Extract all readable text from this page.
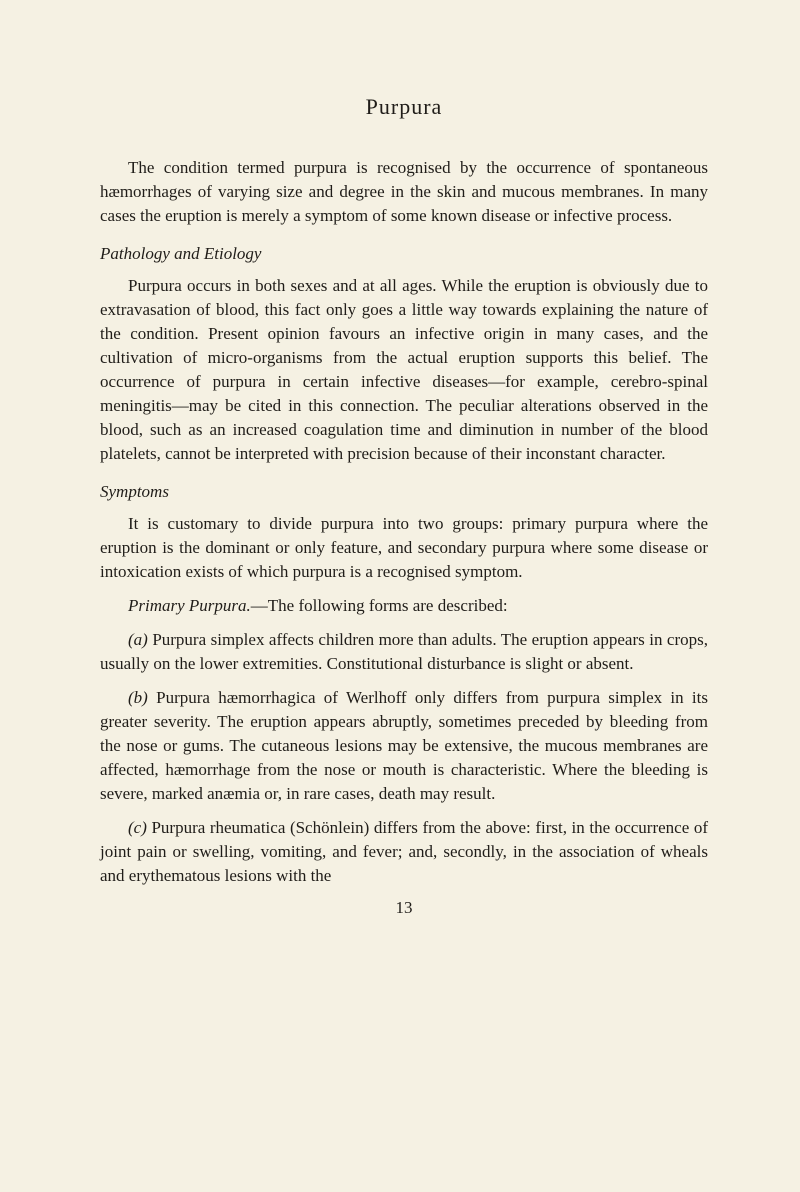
Purpura

The condition termed purpura is recognised by the occurrence of spontaneous hæmorrhages of varying size and degree in the skin and mucous membranes. In many cases the eruption is merely a symptom of some known disease or infective process.

Pathology and Etiology

Purpura occurs in both sexes and at all ages. While the eruption is obviously due to extravasation of blood, this fact only goes a little way towards explaining the nature of the condition. Present opinion favours an infective origin in many cases, and the cultivation of micro-organisms from the actual eruption supports this belief. The occurrence of purpura in certain infective diseases—for example, cerebro-spinal meningitis—may be cited in this connection. The peculiar alterations observed in the blood, such as an increased coagulation time and diminution in number of the blood platelets, cannot be interpreted with precision because of their inconstant character.

Symptoms

It is customary to divide purpura into two groups: primary purpura where the eruption is the dominant or only feature, and secondary purpura where some disease or intoxication exists of which purpura is a recognised symptom.

Primary Purpura.—The following forms are described:

(a) Purpura simplex affects children more than adults. The eruption appears in crops, usually on the lower extremities. Constitutional disturbance is slight or absent.

(b) Purpura hæmorrhagica of Werlhoff only differs from purpura simplex in its greater severity. The eruption appears abruptly, sometimes preceded by bleeding from the nose or gums. The cutaneous lesions may be extensive, the mucous membranes are affected, hæmorrhage from the nose or mouth is characteristic. Where the bleeding is severe, marked anæmia or, in rare cases, death may result.

(c) Purpura rheumatica (Schönlein) differs from the above: first, in the occurrence of joint pain or swelling, vomiting, and fever; and, secondly, in the association of wheals and erythematous lesions with the

13
